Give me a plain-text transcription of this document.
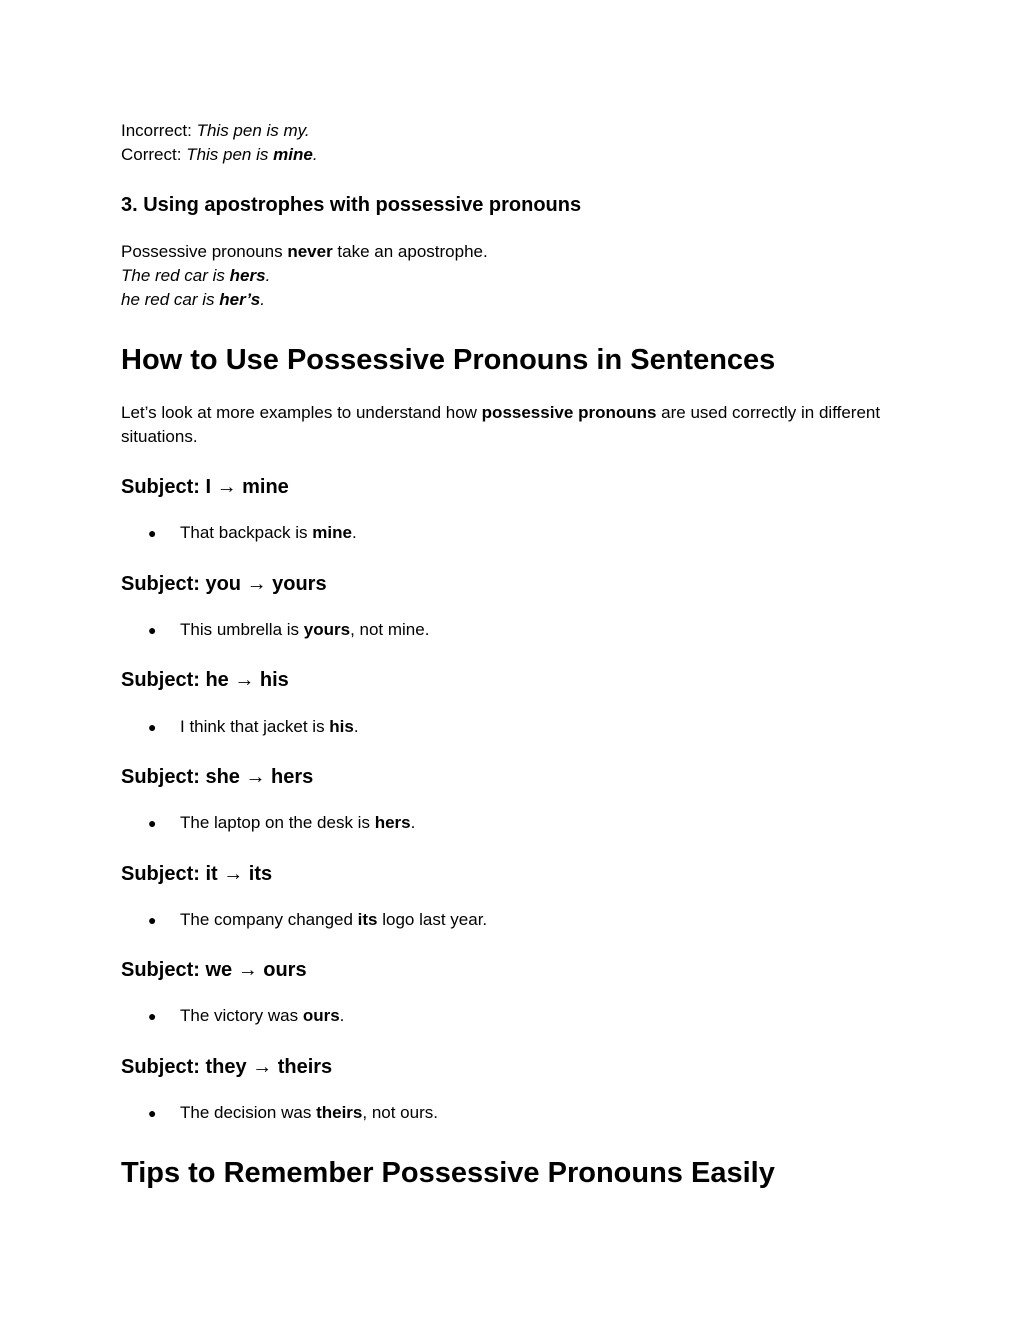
Incorrect: This pen is my.
Correct: This pen is mine.
3. Using apostrophes with possessive pronouns
Possessive pronouns never take an apostrophe.
The red car is hers.
he red car is her’s.
How to Use Possessive Pronouns in Sentences
Let’s look at more examples to understand how possessive pronouns are used correctly in different situations.
Subject: I → mine
● That backpack is mine.
Subject: you → yours
● This umbrella is yours, not mine.
Subject: he → his
● I think that jacket is his.
Subject: she → hers
● The laptop on the desk is hers.
Subject: it → its
● The company changed its logo last year.
Subject: we → ours
● The victory was ours.
Subject: they → theirs
● The decision was theirs, not ours.
Tips to Remember Possessive Pronouns Easily
